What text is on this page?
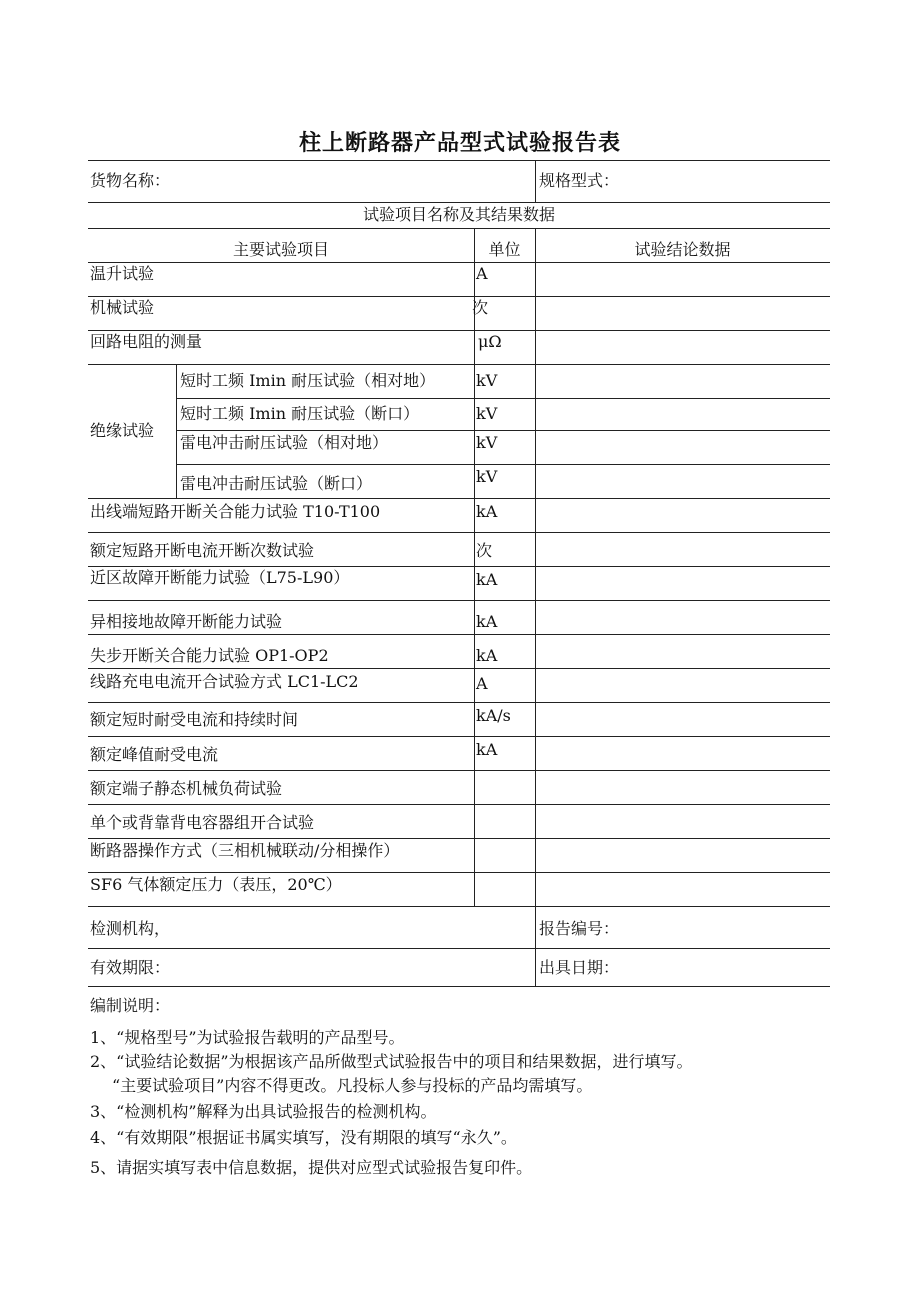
柱上断路器产品型式试验报告表
货物名称：	规格型式：
试验项目名称及其结果数据
主要试验项目	单位	试验结论数据
温升试验	A
机械试验	次
回路电阻的测量	μΩ
绝缘试验
短时工频 Imin 耐压试验（相对地）	kV
短时工频 Imin 耐压试验（断口）	kV
雷电冲击耐压试验（相对地）	kV
雷电冲击耐压试验（断口）	kV
出线端短路开断关合能力试验 T10-T100	kA
额定短路开断电流开断次数试验	次
近区故障开断能力试验（L75-L90）	kA
异相接地故障开断能力试验	kA
失步开断关合能力试验 OP1-OP2	kA
线路充电电流开合试验方式 LC1-LC2	A
额定短时耐受电流和持续时间	kA/s
额定峰值耐受电流	kA
额定端子静态机械负荷试验
单个或背靠背电容器组开合试验
断路器操作方式（三相机械联动/分相操作）
SF6 气体额定压力（表压，20℃）
检测机构，	报告编号：
有效期限：	出具日期：
编制说明：
1、“规格型号”为试验报告载明的产品型号。
2、“试验结论数据”为根据该产品所做型式试验报告中的项目和结果数据，进行填写。
“主要试验项目”内容不得更改。凡投标人参与投标的产品均需填写。
3、“检测机构”解释为出具试验报告的检测机构。
4、“有效期限”根据证书属实填写，没有期限的填写“永久”。
5、请据实填写表中信息数据，提供对应型式试验报告复印件。
